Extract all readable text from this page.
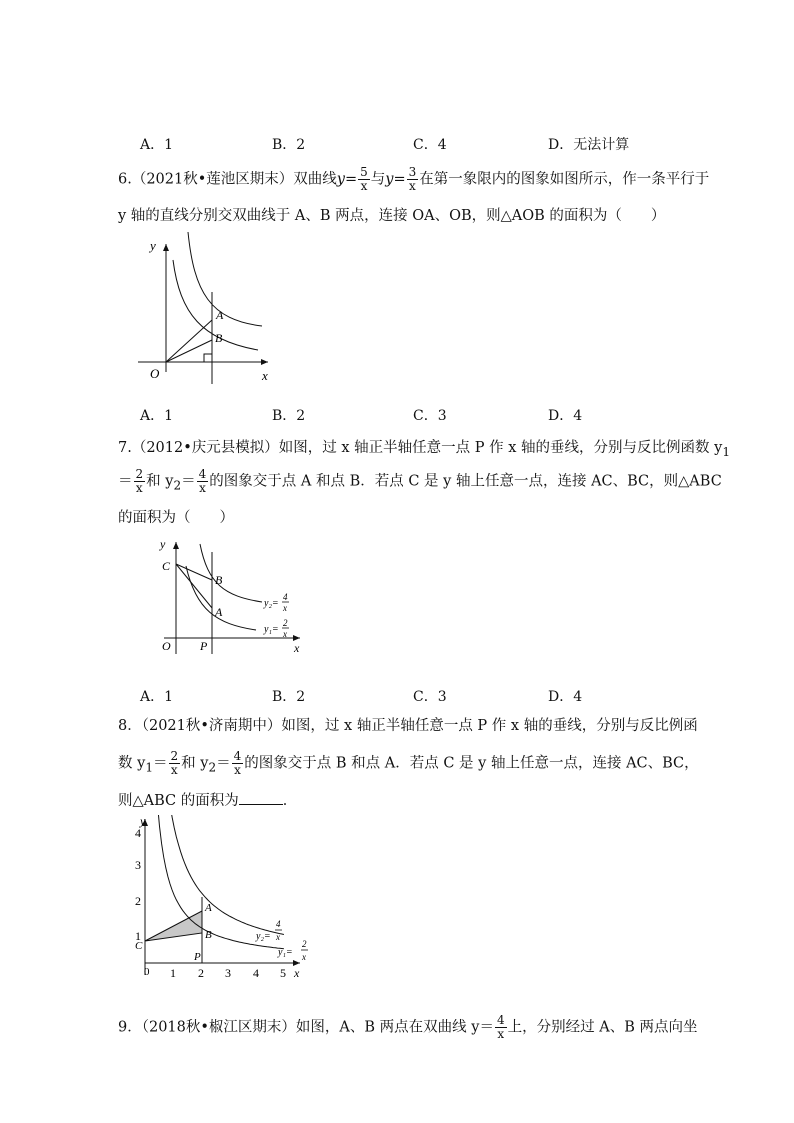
A．1	B．2	C．4	D．无法计算
6.（2021秋•莲池区期末）双曲线$y= \frac{5}{x}$ 与$y= \frac{3}{x}$ 在第一象限内的图象如图所示，作一条平行于
y 轴的直线分别交双曲线于 A、B 两点，连接 OA、OB，则△AOB 的面积为（　　）
y
x
O
A
B
A．1	B．2	C．3	D．4
7.（2012•庆元县模拟）如图，过 x 轴正半轴任意一点 P 作 x 轴的垂线，分别与反比例函数 $y_1$
＝ $\frac{2}{x}$ 和 $y_2= \frac{4}{x}$ 的图象交于点 A 和点 B．若点 C 是 y 轴上任意一点，连接 AC、BC，则△ABC
的面积为（　　）
y
x
O P
C
B
A
y₂=
4
x
y₁=
2
x
A．1	B．2	C．3	D．4
8．（2021秋•济南期中）如图，过 x 轴正半轴任意一点 P 作 x 轴的垂线，分别与反比例函
数 $y_1= \frac{2}{x}$ 和 $y_2= \frac{4}{x}$ 的图象交于点 B 和点 A．若点 C 是 y 轴上任意一点，连接 AC、BC，
则△ABC 的面积为	．
y
x
0 1 2 3 4 5
1
2
3
4
P
C
A
B	y₂=
4
x
y₁=
2
x
9．（2018秋•椒江区期末）如图，A、B 两点在双曲线 $y= \frac{4}{x}$ 上，分别经过 A、B 两点向坐
